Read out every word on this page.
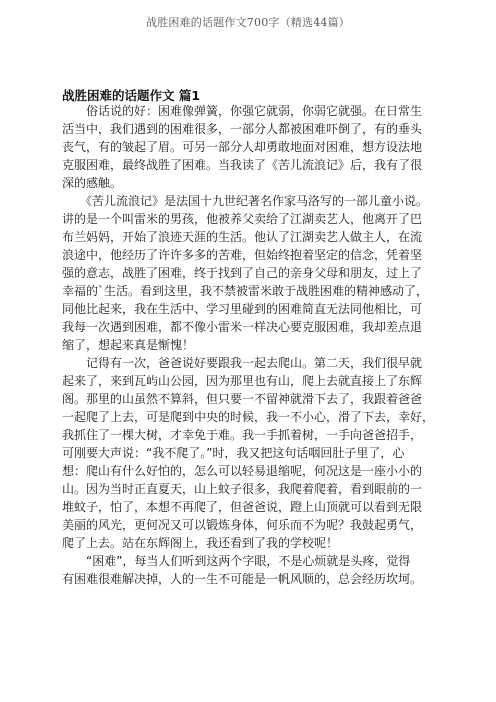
战胜困难的话题作文700字（精选44篇）
战胜困难的话题作文 篇1
　　俗话说的好：困难像弹簧，你强它就弱，你弱它就强。在日常生
活当中，我们遇到的困难很多，一部分人都被困难吓倒了，有的垂头
丧气，有的皱起了眉。可另一部分人却勇敢地面对困难，想方设法地
克服困难，最终战胜了困难。当我读了《苦儿流浪记》后，我有了很
深的感触。
　　《苦儿流浪记》是法国十九世纪著名作家马洛写的一部儿童小说。
讲的是一个叫雷米的男孩，他被养父卖给了江湖卖艺人，他离开了巴
布兰妈妈，开始了浪迹天涯的生活。他认了江湖卖艺人做主人，在流
浪途中，他经历了许许多多的苦难，但始终抱着坚定的信念，凭着坚
强的意志，战胜了困难，终于找到了自己的亲身父母和朋友，过上了
幸福的`生活。看到这里，我不禁被雷米敢于战胜困难的精神感动了，
同他比起来，我在生活中、学习里碰到的困难简直无法同他相比，可
我每一次遇到困难，都不像小雷米一样决心要克服困难，我却差点退
缩了，想起来真是惭愧！
　　记得有一次，爸爸说好要跟我一起去爬山。第二天，我们很早就
起来了，来到瓦屿山公园，因为那里也有山，爬上去就直接上了东辉
阁。那里的山虽然不算斜，但只要一不留神就滑下去了，我跟着爸爸
一起爬了上去，可是爬到中央的时候，我一不小心，滑了下去，幸好，
我抓住了一棵大树，才幸免于难。我一手抓着树，一手向爸爸招手，
可刚要大声说：“我不爬了。”时，我又把这句话咽回肚子里了，心
想：爬山有什么好怕的，怎么可以轻易退缩呢，何况这是一座小小的
山。因为当时正直夏天，山上蚊子很多，我爬着爬着，看到眼前的一
堆蚊子，怕了，本想不再爬了，但爸爸说，蹬上山顶就可以看到无限
美丽的风光，更何况又可以锻炼身体，何乐而不为呢？我鼓起勇气，
爬了上去。站在东辉阁上，我还看到了我的学校呢！
　　“困难”，每当人们听到这两个字眼，不是心烦就是头疼，觉得
有困难很难解决掉，人的一生不可能是一帆风顺的，总会经历坎坷。
